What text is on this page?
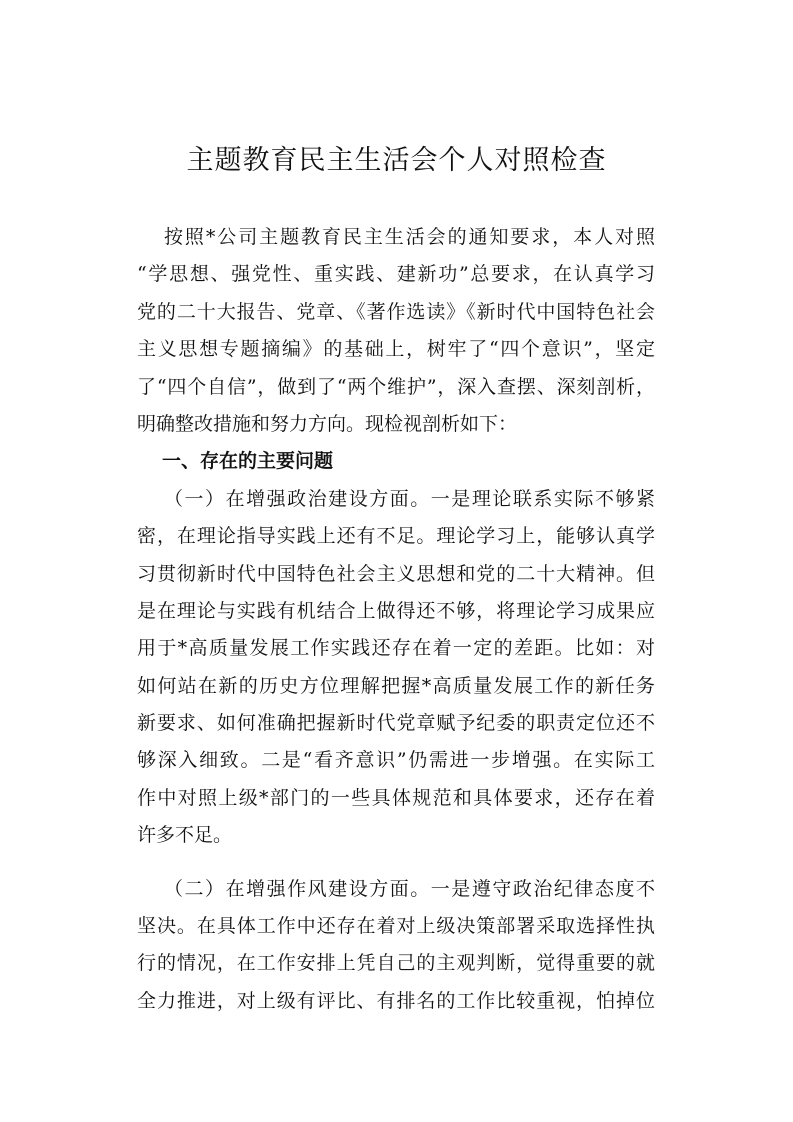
主题教育民主生活会个人对照检查
按照*公司主题教育民主生活会的通知要求，本人对照
“学思想、强党性、重实践、建新功”总要求，在认真学习
党的二十大报告、党章、《著作选读》《新时代中国特色社会
主义思想专题摘编》的基础上，树牢了“四个意识”，坚定
了“四个自信”，做到了“两个维护”，深入查摆、深刻剖析，
明确整改措施和努力方向。现检视剖析如下：
一、存在的主要问题
（一）在增强政治建设方面。一是理论联系实际不够紧
密，在理论指导实践上还有不足。理论学习上，能够认真学
习贯彻新时代中国特色社会主义思想和党的二十大精神。但
是在理论与实践有机结合上做得还不够，将理论学习成果应
用于*高质量发展工作实践还存在着一定的差距。比如：对
如何站在新的历史方位理解把握*高质量发展工作的新任务
新要求、如何准确把握新时代党章赋予纪委的职责定位还不
够深入细致。二是“看齐意识”仍需进一步增强。在实际工
作中对照上级*部门的一些具体规范和具体要求，还存在着
许多不足。
（二）在增强作风建设方面。一是遵守政治纪律态度不
坚决。在具体工作中还存在着对上级决策部署采取选择性执
行的情况，在工作安排上凭自己的主观判断，觉得重要的就
全力推进，对上级有评比、有排名的工作比较重视，怕掉位
